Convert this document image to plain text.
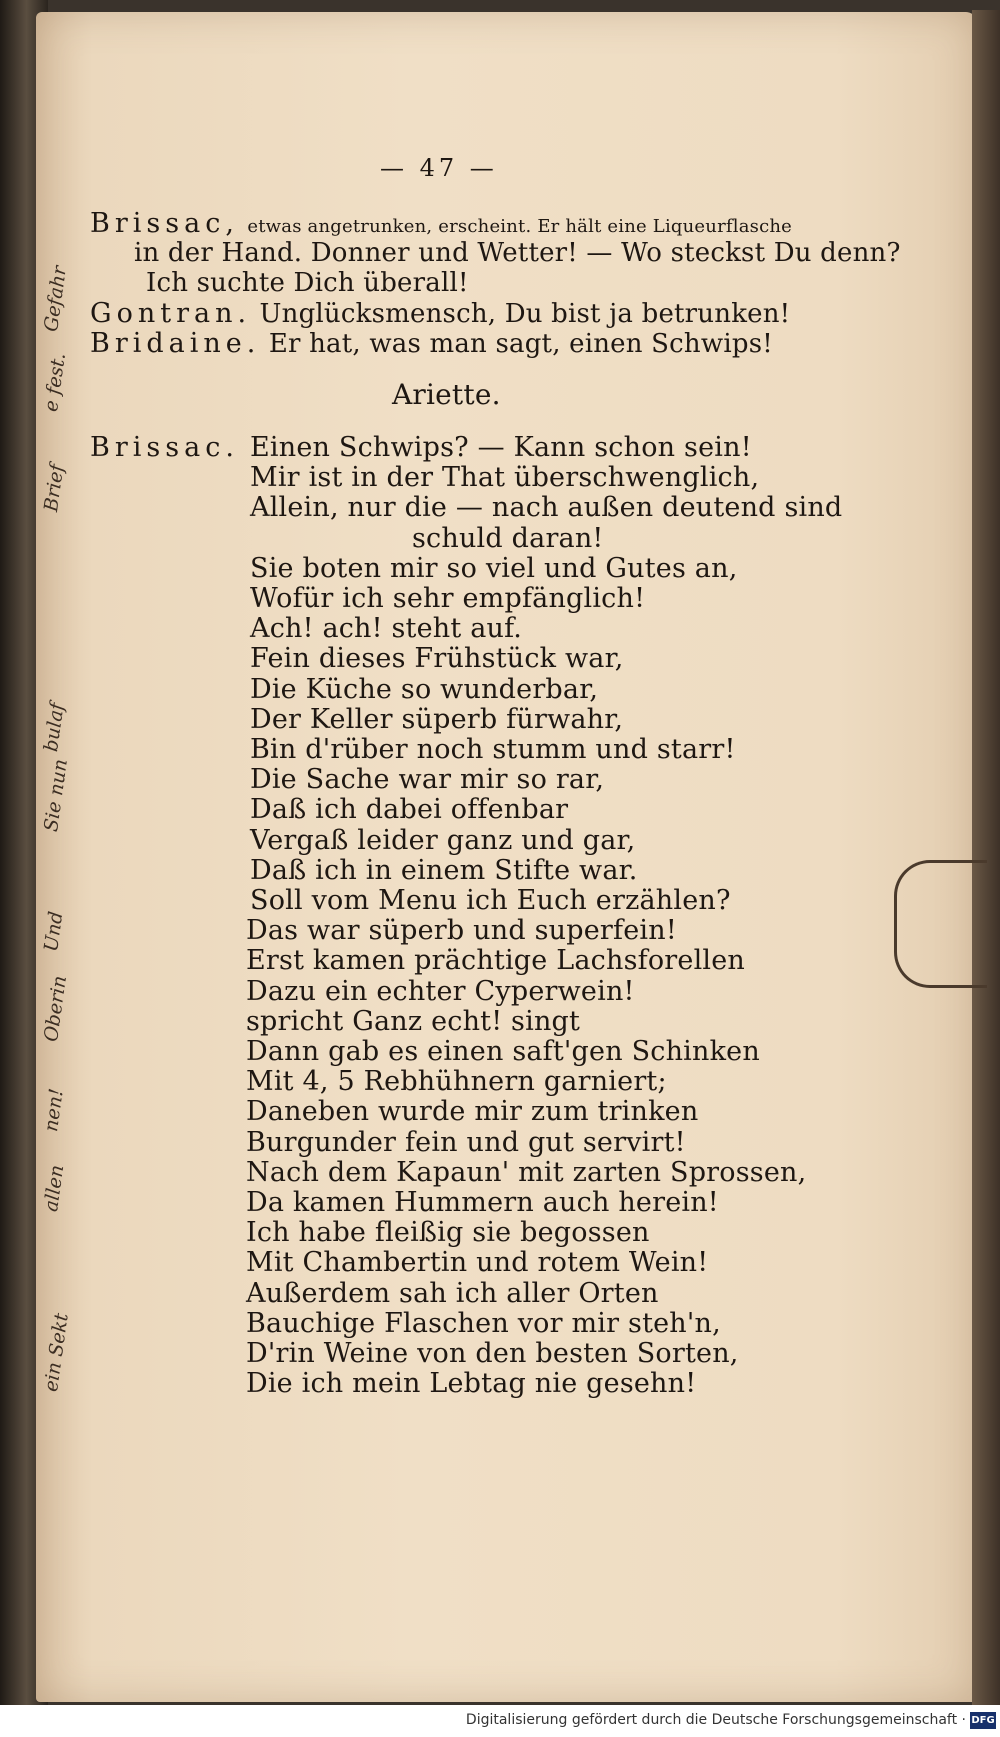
Gefahr
e fest.
Brief
Sie nun
bulaf
Und
Oberin
nen!
allen
ein Sekt
— 47 —
Brissac, etwas angetrunken, erscheint. Er hält eine Liqueurflasche
in der Hand. Donner und Wetter! — Wo steckst Du denn?
Ich suchte Dich überall!
Gontran. Unglücksmensch, Du bist ja betrunken!
Bridaine. Er hat, was man sagt, einen Schwips!
Ariette.
Brissac. Einen Schwips? — Kann schon sein!
Mir ist in der That überschwenglich,
Allein, nur die — nach außen deutend sind
schuld daran!
Sie boten mir so viel und Gutes an,
Wofür ich sehr empfänglich!
Ach! ach! steht auf.
Fein dieses Frühstück war,
Die Küche so wunderbar,
Der Keller süperb fürwahr,
Bin d'rüber noch stumm und starr!
Die Sache war mir so rar,
Daß ich dabei offenbar
Vergaß leider ganz und gar,
Daß ich in einem Stifte war.
Soll vom Menu ich Euch erzählen?
Das war süperb und superfein!
Erst kamen prächtige Lachsforellen
Dazu ein echter Cyperwein!
spricht Ganz echt! singt
Dann gab es einen saft'gen Schinken
Mit 4, 5 Rebhühnern garniert;
Daneben wurde mir zum trinken
Burgunder fein und gut servirt!
Nach dem Kapaun' mit zarten Sprossen,
Da kamen Hummern auch herein!
Ich habe fleißig sie begossen
Mit Chambertin und rotem Wein!
Außerdem sah ich aller Orten
Bauchige Flaschen vor mir steh'n,
D'rin Weine von den besten Sorten,
Die ich mein Lebtag nie gesehn!
Digitalisierung gefördert durch die Deutsche Forschungsgemeinschaft · DFG
